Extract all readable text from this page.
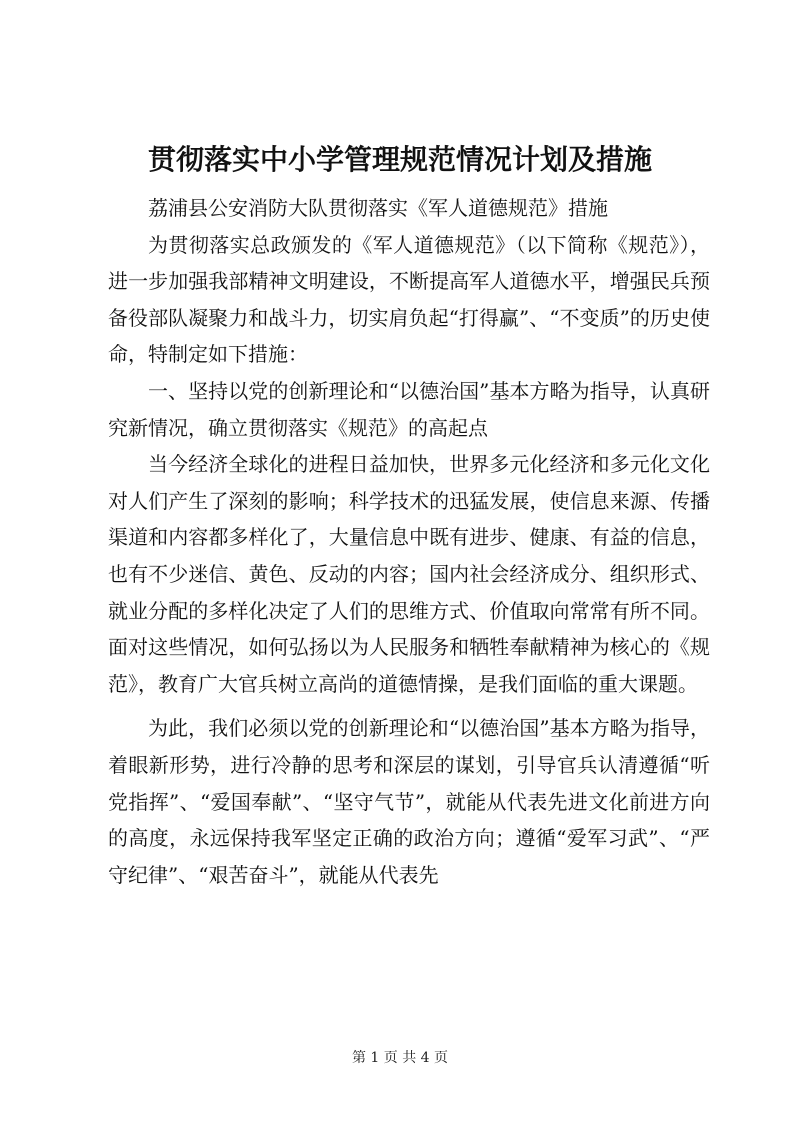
贯彻落实中小学管理规范情况计划及措施

荔浦县公安消防大队贯彻落实《军人道德规范》措施

为贯彻落实总政颁发的《军人道德规范》（以下简称《规范》），进一步加强我部精神文明建设，不断提高军人道德水平，增强民兵预备役部队凝聚力和战斗力，切实肩负起“打得赢”、“不变质”的历史使命，特制定如下措施：

一、坚持以党的创新理论和“以德治国”基本方略为指导，认真研究新情况，确立贯彻落实《规范》的高起点

当今经济全球化的进程日益加快，世界多元化经济和多元化文化对人们产生了深刻的影响；科学技术的迅猛发展，使信息来源、传播渠道和内容都多样化了，大量信息中既有进步、健康、有益的信息，也有不少迷信、黄色、反动的内容；国内社会经济成分、组织形式、就业分配的多样化决定了人们的思维方式、价值取向常常有所不同。面对这些情况，如何弘扬以为人民服务和牺牲奉献精神为核心的《规范》，教育广大官兵树立高尚的道德情操，是我们面临的重大课题。

为此，我们必须以党的创新理论和“以德治国”基本方略为指导，着眼新形势，进行冷静的思考和深层的谋划，引导官兵认清遵循“听党指挥”、“爱国奉献”、“坚守气节”，就能从代表先进文化前进方向的高度，永远保持我军坚定正确的政治方向；遵循“爱军习武”、“严守纪律”、“艰苦奋斗”，就能从代表先

第 1 页 共 4 页
